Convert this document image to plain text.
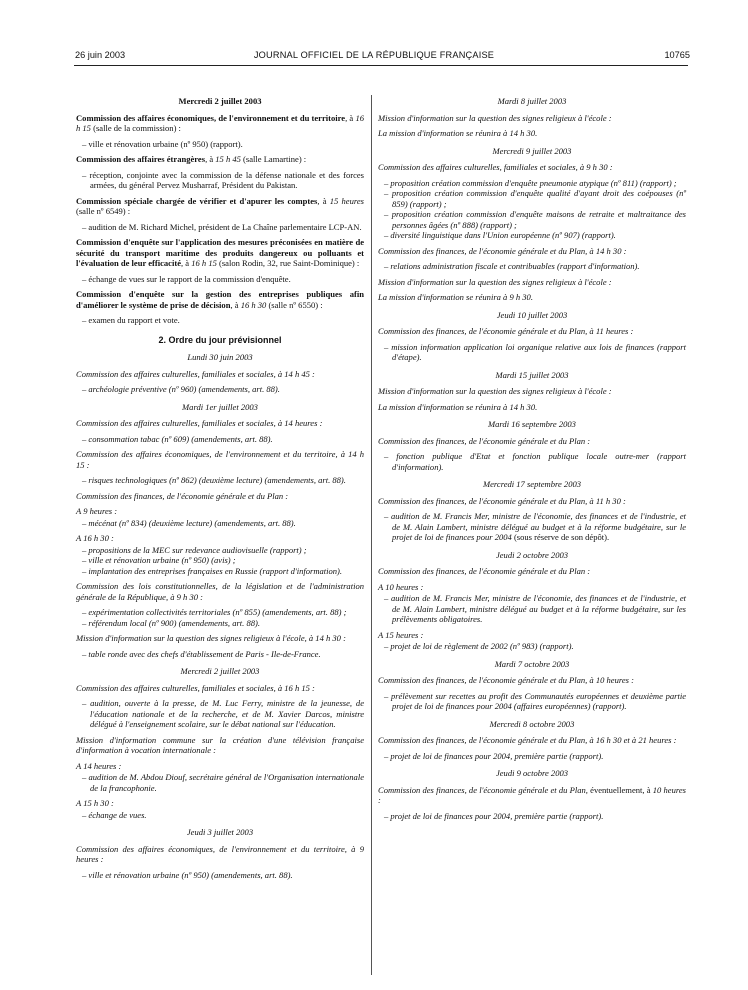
26 juin 2003	JOURNAL OFFICIEL DE LA RÉPUBLIQUE FRANÇAISE	10765

Mercredi 2 juillet 2003

Commission des affaires économiques, de l'environnement et du territoire, à 16 h 15 (salle de la commission) :

– ville et rénovation urbaine (nº 950) (rapport).

Commission des affaires étrangères, à 15 h 45 (salle Lamartine) :

– réception, conjointe avec la commission de la défense nationale et des forces armées, du général Pervez Musharraf, Président du Pakistan.

Commission spéciale chargée de vérifier et d'apurer les comptes, à 15 heures (salle nº 6549) :

– audition de M. Richard Michel, président de La Chaîne parlementaire LCP-AN.

Commission d'enquête sur l'application des mesures préconisées en matière de sécurité du transport maritime des produits dangereux ou polluants et l'évaluation de leur efficacité, à 16 h 15 (salon Rodin, 32, rue Saint-Dominique) :

– échange de vues sur le rapport de la commission d'enquête.

Commission d'enquête sur la gestion des entreprises publiques afin d'améliorer le système de prise de décision, à 16 h 30 (salle nº 6550) :

– examen du rapport et vote.
2. Ordre du jour prévisionnel

Lundi 30 juin 2003

Commission des affaires culturelles, familiales et sociales, à 14 h 45 :

– archéologie préventive (nº 960) (amendements, art. 88).

Mardi 1er juillet 2003

Commission des affaires culturelles, familiales et sociales, à 14 heures :

– consommation tabac (nº 609) (amendements, art. 88).

Commission des affaires économiques, de l'environnement et du territoire, à 14 h 15 :

– risques technologiques (nº 862) (deuxième lecture) (amendements, art. 88).

Commission des finances, de l'économie générale et du Plan :

A 9 heures :

– mécénat (nº 834) (deuxième lecture) (amendements, art. 88).

A 16 h 30 :

– propositions de la MEC sur redevance audiovisuelle (rapport) ;
– ville et rénovation urbaine (nº 950) (avis) ;
– implantation des entreprises françaises en Russie (rapport d'information).

Commission des lois constitutionnelles, de la législation et de l'administration générale de la République, à 9 h 30 :

– expérimentation collectivités territoriales (nº 855) (amendements, art. 88) ;
– référendum local (nº 900) (amendements, art. 88).

Mission d'information sur la question des signes religieux à l'école, à 14 h 30 :

– table ronde avec des chefs d'établissement de Paris - Ile-de-France.

Mercredi 2 juillet 2003

Commission des affaires culturelles, familiales et sociales, à 16 h 15 :

– audition, ouverte à la presse, de M. Luc Ferry, ministre de la jeunesse, de l'éducation nationale et de la recherche, et de M. Xavier Darcos, ministre délégué à l'enseignement scolaire, sur le débat national sur l'éducation.

Mission d'information commune sur la création d'une télévision française d'information à vocation internationale :

A 14 heures :

– audition de M. Abdou Diouf, secrétaire général de l'Organisation internationale de la francophonie.

A 15 h 30 :

– échange de vues.

Jeudi 3 juillet 2003

Commission des affaires économiques, de l'environnement et du territoire, à 9 heures :

– ville et rénovation urbaine (nº 950) (amendements, art. 88).

Mardi 8 juillet 2003

Mission d'information sur la question des signes religieux à l'école :

La mission d'information se réunira à 14 h 30.

Mercredi 9 juillet 2003

Commission des affaires culturelles, familiales et sociales, à 9 h 30 :

– proposition création commission d'enquête pneumonie atypique (nº 811) (rapport) ;
– proposition création commission d'enquête qualité d'ayant droit des coépouses (nº 859) (rapport) ;
– proposition création commission d'enquête maisons de retraite et maltraitance des personnes âgées (nº 888) (rapport) ;
– diversité linguistique dans l'Union européenne (nº 907) (rapport).

Commission des finances, de l'économie générale et du Plan, à 14 h 30 :

– relations administration fiscale et contribuables (rapport d'information).

Mission d'information sur la question des signes religieux à l'école :

La mission d'information se réunira à 9 h 30.

Jeudi 10 juillet 2003

Commission des finances, de l'économie générale et du Plan, à 11 heures :

– mission information application loi organique relative aux lois de finances (rapport d'étape).

Mardi 15 juillet 2003

Mission d'information sur la question des signes religieux à l'école :

La mission d'information se réunira à 14 h 30.

Mardi 16 septembre 2003

Commission des finances, de l'économie générale et du Plan :

– fonction publique d'Etat et fonction publique locale outre-mer (rapport d'information).

Mercredi 17 septembre 2003

Commission des finances, de l'économie générale et du Plan, à 11 h 30 :

– audition de M. Francis Mer, ministre de l'économie, des finances et de l'industrie, et de M. Alain Lambert, ministre délégué au budget et à la réforme budgétaire, sur le projet de loi de finances pour 2004 (sous réserve de son dépôt).

Jeudi 2 octobre 2003

Commission des finances, de l'économie générale et du Plan :

A 10 heures :

– audition de M. Francis Mer, ministre de l'économie, des finances et de l'industrie, et de M. Alain Lambert, ministre délégué au budget et à la réforme budgétaire, sur les prélèvements obligatoires.

A 15 heures :

– projet de loi de règlement de 2002 (nº 983) (rapport).

Mardi 7 octobre 2003

Commission des finances, de l'économie générale et du Plan, à 10 heures :

– prélèvement sur recettes au profit des Communautés européennes et deuxième partie projet de loi de finances pour 2004 (affaires européennes) (rapport).

Mercredi 8 octobre 2003

Commission des finances, de l'économie générale et du Plan, à 16 h 30 et à 21 heures :

– projet de loi de finances pour 2004, première partie (rapport).

Jeudi 9 octobre 2003

Commission des finances, de l'économie générale et du Plan, éventuellement, à 10 heures :

– projet de loi de finances pour 2004, première partie (rapport).
